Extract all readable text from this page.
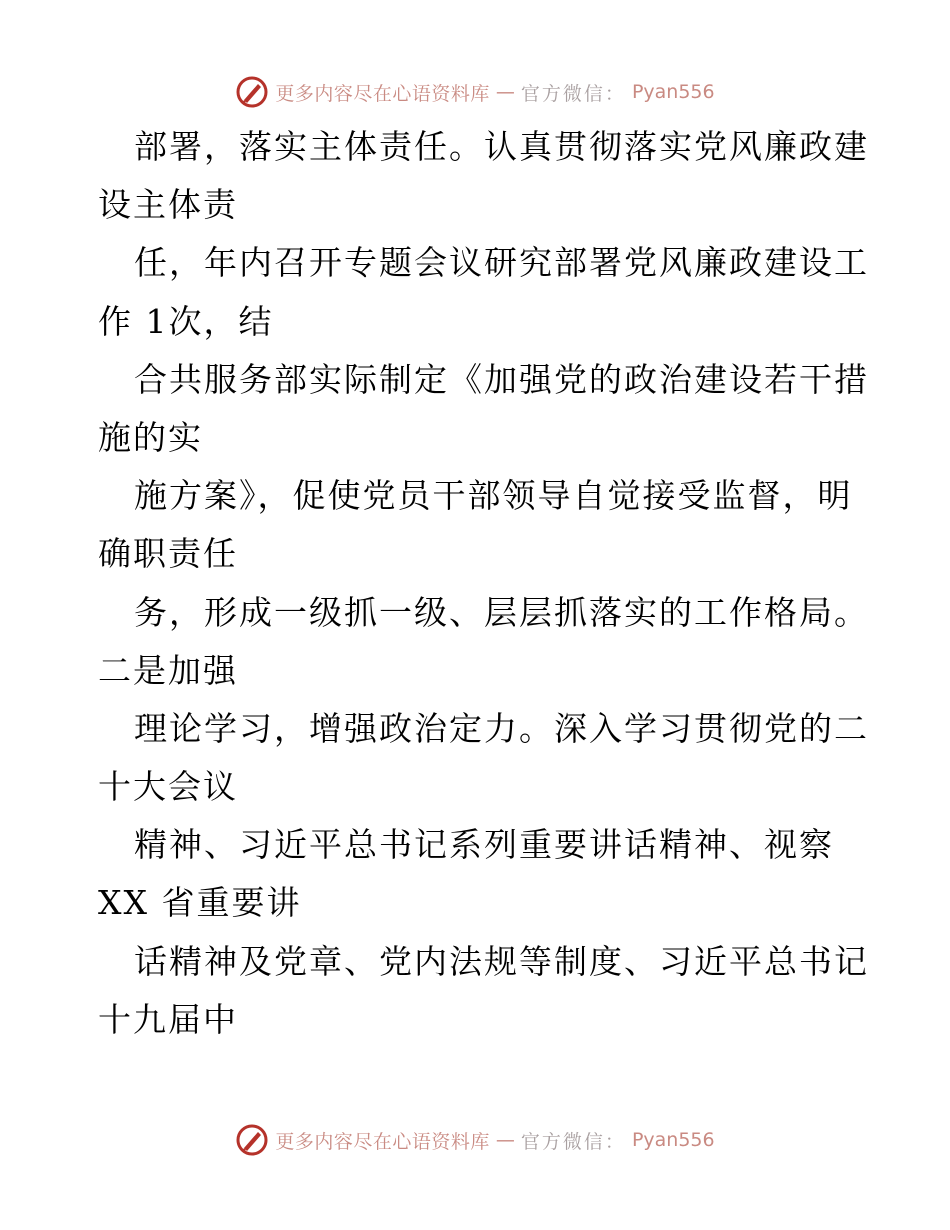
更多内容尽在心语资料库 — 官方微信： Pyan556
部署，落实主体责任。认真贯彻落实党风廉政建
设主体责
任，年内召开专题会议研究部署党风廉政建设工
作 1次，结
合共服务部实际制定《加强党的政治建设若干措
施的实
施方案》，促使党员干部领导自觉接受监督，明
确职责任
务，形成一级抓一级、层层抓落实的工作格局。
二是加强
理论学习，增强政治定力。深入学习贯彻党的二
十大会议
精神、习近平总书记系列重要讲话精神、视察
XX 省重要讲
话精神及党章、党内法规等制度、习近平总书记
十九届中
更多内容尽在心语资料库 — 官方微信： Pyan556
